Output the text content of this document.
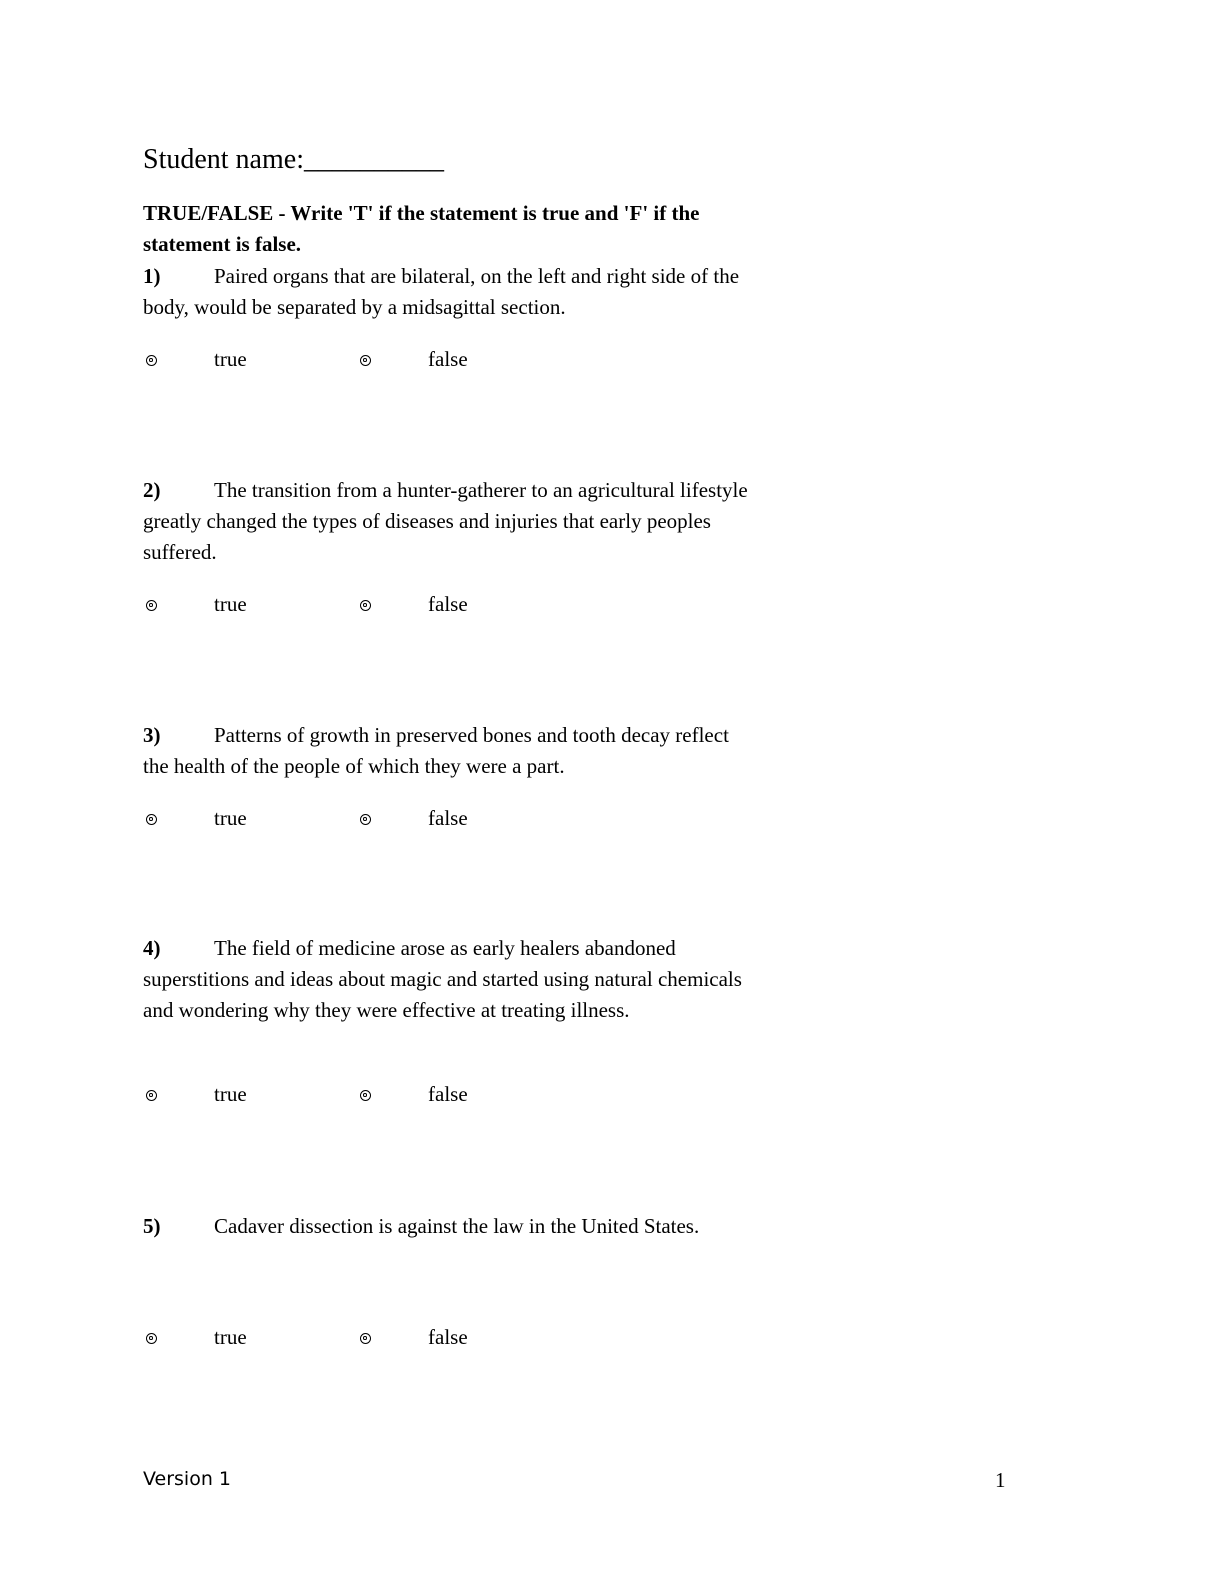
Student name:__________
TRUE/FALSE - Write 'T' if the statement is true and 'F' if the statement is false.
1)	Paired organs that are bilateral, on the left and right side of the body, would be separated by a midsagittal section.
true	false
2)	The transition from a hunter-gatherer to an agricultural lifestyle greatly changed the types of diseases and injuries that early peoples suffered.
true	false
3)	Patterns of growth in preserved bones and tooth decay reflect the health of the people of which they were a part.
true	false
4)	The field of medicine arose as early healers abandoned superstitions and ideas about magic and started using natural chemicals and wondering why they were effective at treating illness.
true	false
5)	Cadaver dissection is against the law in the United States.
true	false
Version 1	1
